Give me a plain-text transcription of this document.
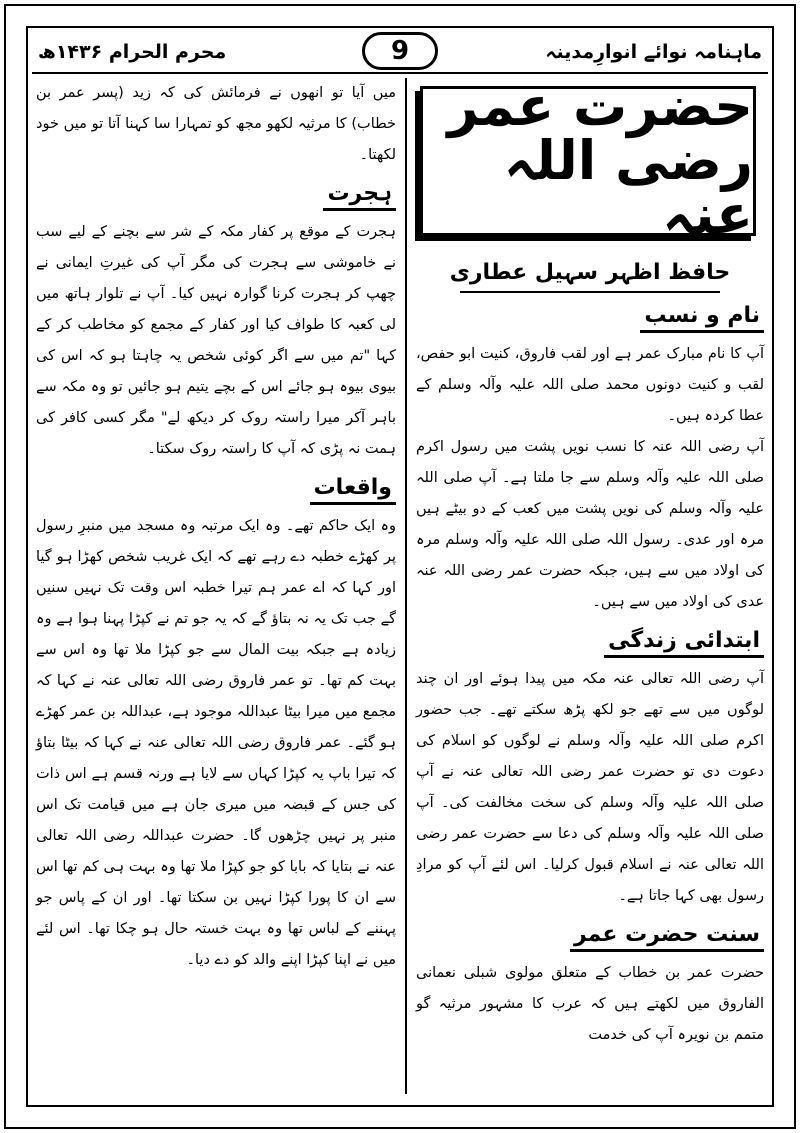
ماہنامہ نوائے انوارِمدینہ
9
محرم الحرام ۱۴۳۶ھ
حضرت عمر رضی اللہ عنہ
حافظ اظہر سہیل عطاری
نام و نسب

آپ کا نام مبارک عمر ہے اور لقب فاروق، کنیت ابو حفص، لقب و کنیت دونوں محمد صلی اللہ علیہ وآلہ وسلم کے عطا کردہ ہیں۔

آپ رضی اللہ عنہ کا نسب نویں پشت میں رسول اکرم صلی اللہ علیہ وآلہ وسلم سے جا ملتا ہے۔ آپ صلی اللہ علیہ وآلہ وسلم کی نویں پشت میں کعب کے دو بیٹے ہیں مرہ اور عدی۔ رسول اللہ صلی اللہ علیہ وآلہ وسلم مرہ کی اولاد میں سے ہیں، جبکہ حضرت عمر رضی اللہ عنہ عدی کی اولاد میں سے ہیں۔

ابتدائی زندگی

آپ رضی اللہ تعالی عنہ مکہ میں پیدا ہوئے اور ان چند لوگوں میں سے تھے جو لکھ پڑھ سکتے تھے۔ جب حضور اکرم صلی اللہ علیہ وآلہ وسلم نے لوگوں کو اسلام کی دعوت دی تو حضرت عمر رضی اللہ تعالی عنہ نے آپ صلی اللہ علیہ وآلہ وسلم کی سخت مخالفت کی۔ آپ صلی اللہ علیہ وآلہ وسلم کی دعا سے حضرت عمر رضی اللہ تعالی عنہ نے اسلام قبول کرلیا۔ اس لئے آپ کو مرادِ رسول بھی کہا جاتا ہے۔

سنت حضرت عمر

حضرت عمر بن خطاب کے متعلق مولوی شبلی نعمانی الفاروق میں لکھتے ہیں کہ عرب کا مشہور مرثیہ گو متمم بن نویرہ آپ کی خدمت

میں آیا تو انھوں نے فرمائش کی کہ زید (پسر عمر بن خطاب) کا مرثیہ لکھو مجھ کو تمہارا سا کہنا آتا تو میں خود لکھتا۔

ہجرت

ہجرت کے موقع پر کفار مکہ کے شر سے بچنے کے لیے سب نے خاموشی سے ہجرت کی مگر آپ کی غیرتِ ایمانی نے چھپ کر ہجرت کرنا گوارہ نہیں کیا۔ آپ نے تلوار ہاتھ میں لی کعبہ کا طواف کیا اور کفار کے مجمع کو مخاطب کر کے کہا "تم میں سے اگر کوئی شخص یہ چاہتا ہو کہ اس کی بیوی بیوہ ہو جائے اس کے بچے یتیم ہو جائیں تو وہ مکہ سے باہر آکر میرا راستہ روک کر دیکھ لے" مگر کسی کافر کی ہمت نہ پڑی کہ آپ کا راستہ روک سکتا۔

واقعات

وہ ایک حاکم تھے۔ وہ ایک مرتبہ وہ مسجد میں منبرِ رسول پر کھڑے خطبہ دے رہے تھے کہ ایک غریب شخص کھڑا ہو گیا اور کہا کہ اے عمر ہم تیرا خطبہ اس وقت تک نہیں سنیں گے جب تک یہ نہ بتاؤ گے کہ یہ جو تم نے کپڑا پہنا ہوا ہے وہ زیادہ ہے جبکہ بیت المال سے جو کپڑا ملا تھا وہ اس سے بہت کم تھا۔ تو عمر فاروق رضی اللہ تعالی عنہ نے کہا کہ مجمع میں میرا بیٹا عبداللہ موجود ہے، عبداللہ بن عمر کھڑے ہو گئے۔ عمر فاروق رضی اللہ تعالی عنہ نے کہا کہ بیٹا بتاؤ کہ تیرا باپ یہ کپڑا کہاں سے لایا ہے ورنہ قسم ہے اس ذات کی جس کے قبضہ میں میری جان ہے میں قیامت تک اس منبر پر نہیں چڑھوں گا۔ حضرت عبداللہ رضی اللہ تعالی عنہ نے بتایا کہ بابا کو جو کپڑا ملا تھا وہ بہت ہی کم تھا اس سے ان کا پورا کپڑا نہیں بن سکتا تھا۔ اور ان کے پاس جو پہننے کے لباس تھا وہ بہت خستہ حال ہو چکا تھا۔ اس لئے میں نے اپنا کپڑا اپنے والد کو دے دیا۔
